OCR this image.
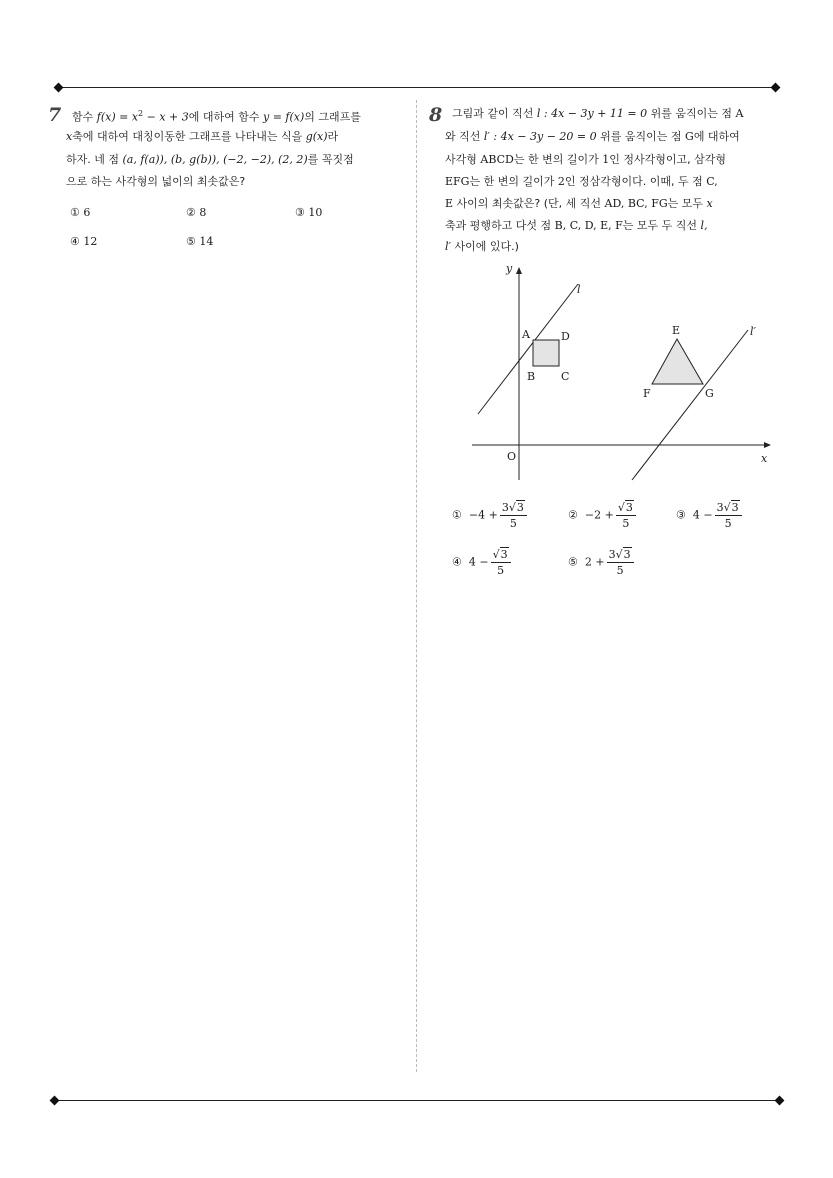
7 함수 $f(x) = x^2 - x + 3$에 대하여 함수 y = f(x)의 그래프를
x축에 대하여 대칭이동한 그래프를 나타내는 식을 g(x)라
하자. 네 점 (a, f(a)), (b, g(b)), (−2, −2), (2, 2)를 꼭짓점
으로 하는 사각형의 넓이의 최솟값은?
① 6	② 8	③ 10
④ 12	⑤ 14
8 그림과 같이 직선 l : 4x − 3y + 11 = 0 위를 움직이는 점 A
와 직선 l′ : 4x − 3y − 20 = 0 위를 움직이는 점 G에 대하여
사각형 ABCD는 한 변의 길이가 1인 정사각형이고, 삼각형
EFG는 한 변의 길이가 2인 정삼각형이다. 이때, 두 점 C,
E 사이의 최솟값은? (단, 세 직선 AD, BC, FG는 모두 x
축과 평행하고 다섯 점 B, C, D, E, F는 모두 두 직선 l,
l′ 사이에 있다.)
y
x
O
l
l′
A
B C
D	E
F	G
① $-4 + \frac{3√3}{5}$	② $-2 + \frac{√3}{5}$	③ $4 - \frac{3√3}{5}$
④ $4 - \frac{√3}{5}$	⑤ $2 + \frac{3√3}{5}$
